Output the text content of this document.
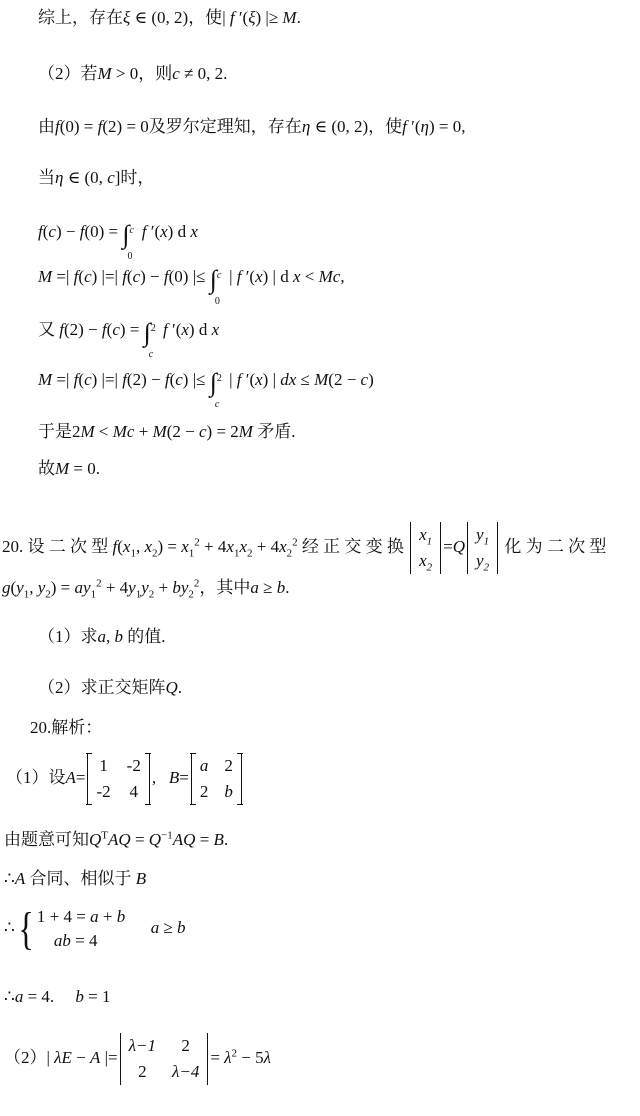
综上，存在ξ ∈ (0, 2)，使| f ′(ξ) |≥ M.
（2）若M > 0，则c ≠ 0, 2.
由f(0) = f(2) = 0及罗尔定理知，存在η ∈ (0, 2)，使f ′(η) = 0,
当η ∈ (0, c]时，
f(c) − f(0) = ∫ c
0
f ′(x) d x
M =| f(c) |=| f(c) − f(0) |≤ ∫ c
0
| f ′(x) | d x < Mc,
又 f(2) − f(c) = ∫ 2
c
f ′(x) d x
M =| f(c) |=| f(2) − f(c) |≤ ∫ 2
c
| f ′(x) | dx ≤ M(2 − c)
于是2M < Mc + M(2 − c) = 2M 矛盾.
故M = 0.
20. 设 二 次 型 $f(x_1$, $x_2) = x_1^2 + 4x_1x_2 + 4x_2^2$ 经 正 交 变 换
$x_1$
$x_2$
=Q
$y_1$
$y_2$
化 为 二 次 型
$g(y_1$, $y_2) = ay_1^2 + 4y_1y_2 + by_2^2$，其中a ≥ b.
（1）求a, b 的值.
（2）求正交矩阵Q.
20.解析：
（1）设A=
1	-2
-2	4

,   B=
a	2
2	b

由题意可知$Q^TAQ = Q^{-1}AQ = B$.
∴A 合同、相似于 B
∴{ 1 + 4 = a + b
ab = 4
a ≥ b
∴a = 4.     b = 1
（2）| λE − A |=
λ−1	2
2	λ−4
= $\lambda^2 - 5\lambda$
